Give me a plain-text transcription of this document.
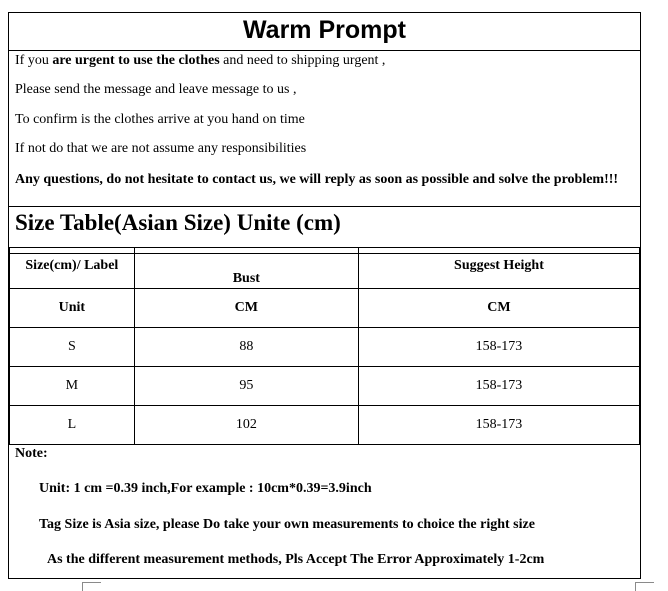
Warm Prompt
If you are urgent to use the clothes and need to shipping urgent ,
Please send the message and leave message to us ,
To confirm is the clothes arrive at you hand on time
If not do that we are not assume any responsibilities
Any questions, do not hesitate to contact us, we will reply as soon as possible and solve the problem!!!
Size Table(Asian Size) Unite (cm)
Size(cm)/ Label	Bust	Suggest Height
Unit	CM	CM
S	88	158-173
M	95	158-173
L	102	158-173
Note:
Unit: 1 cm =0.39 inch,For example : 10cm*0.39=3.9inch
Tag Size is Asia size, please Do take your own measurements to choice the right size
As the different measurement methods, Pls Accept The Error Approximately 1-2cm
